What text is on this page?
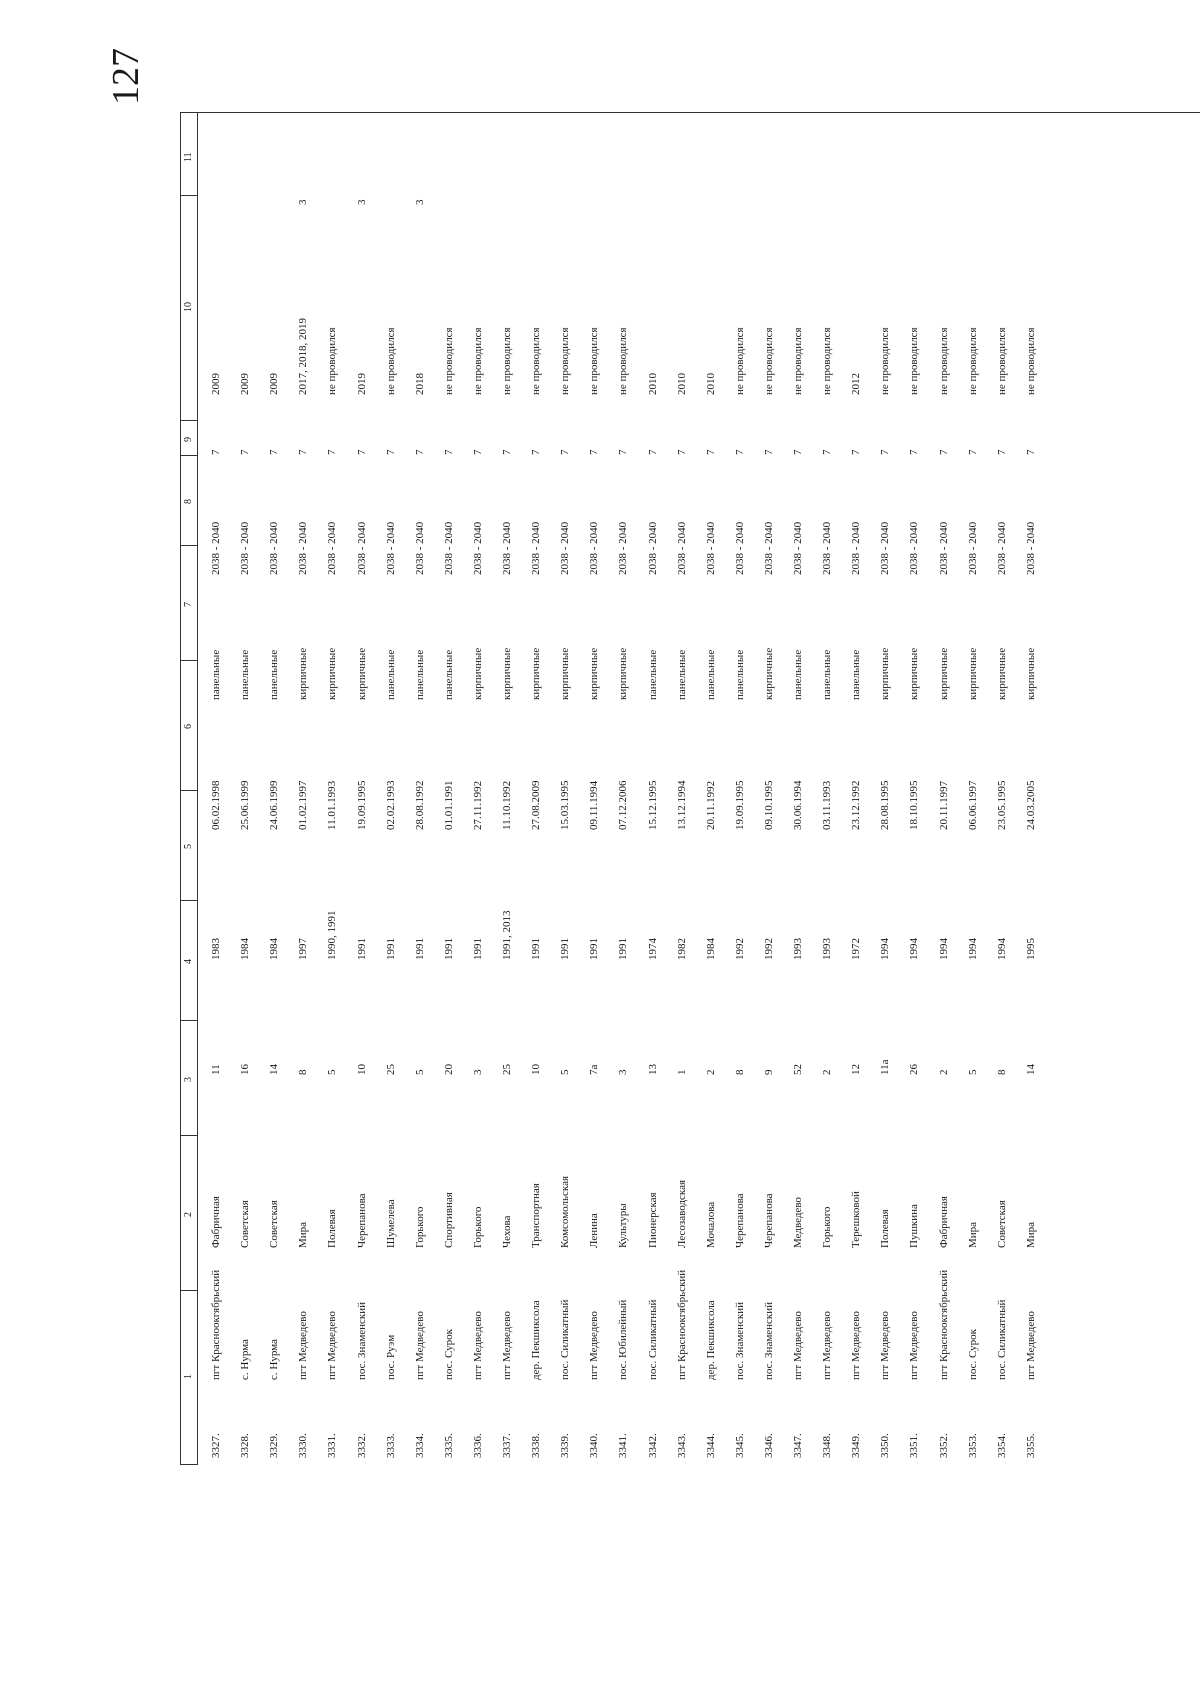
127
1
2
3
4
5
6
7
8
9
10
11
3327.
пгт Красноокгябрьский
Фабричная
11
1983
06.02.1998
панельные
2038 - 2040
7
2009
3328.
с. Нурма
Советская
16
1984
25.06.1999
панельные
2038 - 2040
7
2009
3329.
с. Нурма
Советская
14
1984
24.06.1999
панельные
2038 - 2040
7
2009
3330.
пгт Медведево
Мира
8
1997
01.02.1997
кирпичные
2038 - 2040
7
2017, 2018, 2019
3
3331.
пгт Медведево
Полевая
5
1990, 1991
11.01.1993
кирпичные
2038 - 2040
7
не проводился
3332.
пос. Знаменский
Черепанова
10
1991
19.09.1995
кирпичные
2038 - 2040
7
2019
3
3333.
пос. Руэм
Шумелева
25
1991
02.02.1993
панельные
2038 - 2040
7
не проводился
3334.
пгт Медведево
Горького
5
1991
28.08.1992
панельные
2038 - 2040
7
2018
3
3335.
пос. Сурок
Спортивная
20
1991
01.01.1991
панельные
2038 - 2040
7
не проводился
3336.
пгт Медведево
Горького
3
1991
27.11.1992
кирпичные
2038 - 2040
7
не проводился
3337.
пгт Медведево
Чехова
25
1991, 2013
11.10.1992
кирпичные
2038 - 2040
7
не проводился
3338.
дер. Пекшиксола
Транспортная
10
1991
27.08.2009
кирпичные
2038 - 2040
7
не проводился
3339.
пос. Силикатный
Комсомольская
5
1991
15.03.1995
кирпичные
2038 - 2040
7
не проводился
3340.
пгт Медведево
Ленина
7а
1991
09.11.1994
кирпичные
2038 - 2040
7
не проводился
3341.
пос. Юбилейный
Культуры
3
1991
07.12.2006
кирпичные
2038 - 2040
7
не проводился
3342.
пос. Силикатный
Пионерская
13
1974
15.12.1995
панельные
2038 - 2040
7
2010
3343.
пгт Красноокгябрьский
Лесозаводская
1
1982
13.12.1994
панельные
2038 - 2040
7
2010
3344.
дер. Пекшиксола
Мочалова
2
1984
20.11.1992
панельные
2038 - 2040
7
2010
3345.
пос. Знаменский
Черепанова
8
1992
19.09.1995
панельные
2038 - 2040
7
не проводился
3346.
пос. Знаменский
Черепанова
9
1992
09.10.1995
кирпичные
2038 - 2040
7
не проводился
3347.
пгт Медведево
Медведево
52
1993
30.06.1994
панельные
2038 - 2040
7
не проводился
3348.
пгт Медведево
Горького
2
1993
03.11.1993
панельные
2038 - 2040
7
не проводился
3349.
пгт Медведево
Терешковой
12
1972
23.12.1992
панельные
2038 - 2040
7
2012
3350.
пгт Медведево
Полевая
11а
1994
28.08.1995
кирпичные
2038 - 2040
7
не проводился
3351.
пгт Медведево
Пушкина
26
1994
18.10.1995
кирпичные
2038 - 2040
7
не проводился
3352.
пгт Красноокгябрьский
Фабричная
2
1994
20.11.1997
кирпичные
2038 - 2040
7
не проводился
3353.
пос. Сурок
Мира
5
1994
06.06.1997
кирпичные
2038 - 2040
7
не проводился
3354.
пос. Силикатный
Советская
8
1994
23.05.1995
кирпичные
2038 - 2040
7
не проводился
3355.
пгт Медведево
Мира
14
1995
24.03.2005
кирпичные
2038 - 2040
7
не проводился
